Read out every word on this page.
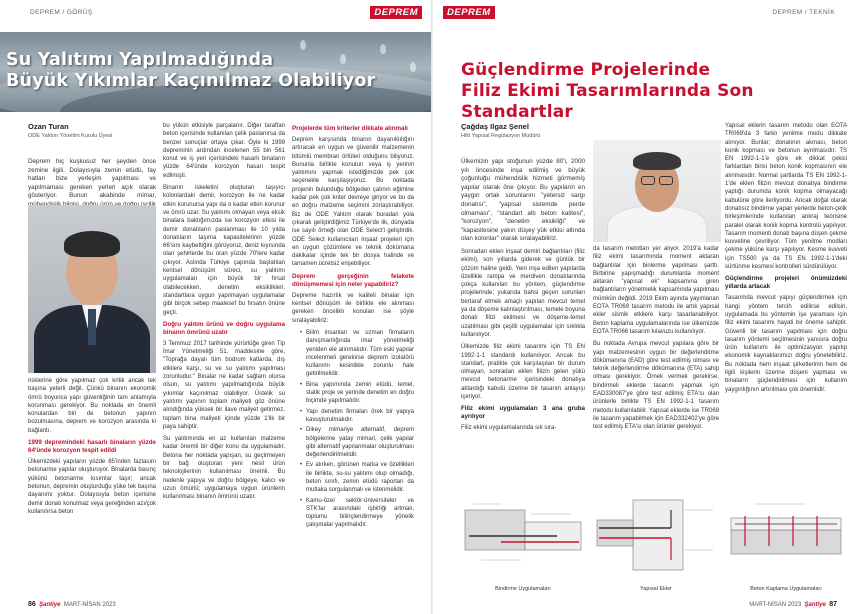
DEPREM / GÖRÜŞ	DEPREM
Su Yalıtımı Yapılmadığında
Büyük Yıkımlar Kaçınılmaz Olabiliyor
Ozan Turan
ODE Yalıtım Yönetim Kurulu Üyesi

Deprem hiç kuşkusuz her şeyden önce zemine ilgili. Dolayısıyla zemin etüdü, fay hatları bize yerleşim yapılması ve yapılmaması gereken yerleri açık olarak gösteriyor. Bunun akabinde mimar,

risklerine göre yapılmaz çok kritik ancak tek başına yeterli değil. Çünkü binanın ekonomik ömrü boyunca yapı güvenliğinin tam anlamıyla korunması gerekiyor. Bu noktada en önemli konulardan biri de betonun yapının bozulmasına, deprem ve korozyon arasında ki bağlantı.

1999 depremindeki hasarlı binaların yüzde 64'ünde korozyon tespit edildi

Ülkemizdeki yapıların yüzde 85'inden fazlasını betonarme yapılar oluşturuyor. Binalarda basınç yükünü betonarme kısımlar taşır; ancak betonun, depremin oluşturduğu yüke tek başına dayanımı yoktur. Dolayısıyla beton içerisine demir donatı konulmaz veya gereğinden azı/çok kullanılırsa beton

bu yükün etkisiyle parçalanır. Diğer taraftan beton içerisinde kullanılan çelik paslanırsa da benzer sonuçlar ortaya çıkar. Öyle ki 1999 depreminin ardından incelenen 55 bin 561 konut ve iş yeri içerisindeki hasarlı binaların yüzde 64'ünde korozyon hasarı tespit edilmişti.

Binanın iskeletini oluşturan taşıyıcı kolonlardaki demir, korozyon ile ne kadar etkin korunursa yapı da o kadar etkin korunur ve ömrü uzar. Su yalıtımı olmayan veya eksik binalara baktığımızda ise korozyon etkisi ile demir donatıların paslanması ile 10 yılda donatıların taşıma kapasitelerinin yüzde 66'sını kaybettiğini görüyoruz, deniz kıyısında olan şehirlerde bu oran yüzde 70'lere kadar çıkıyor. Aslında Türkiye çapında başlatılan kentsel dönüşüm süreci, su yalıtımı uygulamaları için büyük bir fırsat olabilecekken, denetim eksiklikleri, standartlara uygun yapılmayan uygulamalar gibi birçok sebep maalesef bu fırsatın önüne geçti.

Doğru yalıtım ürünü ve doğru uygulama binanın ömrünü uzatır

3 Temmuz 2017 tarihinde yürürlüğe giren Tip İmar Yönetmeliği 51. maddesine göre, "Toprağa dayalı tüm bodrum katlarda, dış etkilere karşı, su ve su yalıtımı yapılması zorunludur." Binalar ne kadar sağlam olursa olsun, su yalıtımı yapılmadığında büyük yıkımlar kaçınılmaz olabiliyor. Üstelik su yalıtımı yapının toplam maliyeti göz önüne alındığında yüksek bir ilave maliyet getirmez, toplam bina maliyeti içinde yüzde 1'lik bir paya sahiptir.

Su yalıtımında en az kullanılan malzeme kadar önemli bir diğer konu da uygulamadır. Betona her noktada yapışan, su geçirmeyen bir bağ oluşturan yeni nesil ürün teknolojilerinin kullanılması önemli. Bu nedenle yapıya ve doğru bölgeye, kalıcı ve uzun ömürlü; uygulamaya uygun ürünlerin kullanılması binanın ömrünü uzatır.

Projelerde tüm kriterler dikkate alınmalı

Deprem karşısında binanın dayanıklılığını artıracak en uygun ve güvenilir malzemenin bitümlü membran örtüleri olduğunu biliyoruz. Bununla birlikte konutun veya iş yerinin yalıtımını yapmak istediğimizde pek çok seçenekle karşılaşıyoruz. Bu noktada projenin bulunduğu bölgeden çatının eğimine kadar pek çok kriter devreye giriyor ve bu da en doğru malzeme seçimini zorlaştırabiliyor. Biz de ODE Yalıtım olarak buradan yola çıkarak geliştirdiğimiz Türkiye'de ilk, dünyada ise sayılı örneği olan ODE Select'i geliştirdik. ODE Select kullanıcıları inşaat projeleri için en uygun çözümlere ve teknik dokümana dakikalar içinde tek bir dosya halinde ve tamamen ücretsiz erişebiliyor.

Deprem gerçeğinin felakete dönüşmemesi için neler yapabiliriz?

Depreme hazırlık ve kaliteli binalar için kentsel dönüşüm ile birlikte ele alınması gereken önceliklı konuları ise şöyle sıralayabiliriz:

• Bilim insanları ve uzman firmaların danışmanlığında imar yönetmeliği yeniden ele alınmalıdır. Tüm eski yapılar incelenmeli gerekirse deprem izolatörü kullanımı kesinlikle zorunlu hale getirilmelidir.
• Bina yapımında zemin etüdü, temel, statik proje ve yerinde denetim en doğru biçimde yapılmalıdır.
• Yapı denetim firmaları örek bir yapıya kavuşturulmalıdır.
• Dikey mimariye alternatif, deprem bölgelerine yatay mimari, çelik yapılar gibi alternatif yapılanmalar oluşturulması değerlendirilmelidir.
• Ev alırken, görünen marka ve özellikleri ile birlikte, su-su yalıtımı olup olmadığı, beton sınıfı, zemin etüdü raporları da mutlaka sorgulanmalı ve istenmelidir.
• Kamu-özel sektör-üniversiteler ve STK'lar arasındaki işbirliği artmalı, toplumu bilinçlendirmeye yönelik çalışmalar yapılmalıdır.
86 Şantiye MART-NİSAN 2023
DEPREM	DEPREM / TEKNİK
Güçlendirme Projelerinde
Filiz Ekimi Tasarımlarında Son Standartlar
Çağdaş Ilgaz Şenel
Hilti Yapısal Regülasyon Müdürü

Ülkemizin yapı stoğunun yüzde 80'i, 2000 yılı öncesinde inşa edilmiş ve büyük çoğunluğu mühendislik hizmeti görmemiş yapılar olarak öne çıkıyor. Bu yapıların en yaygın ortak sorunlarını "yetersiz sargı donatısı", "yapısal sistemde perde olmaması", "standart altı beton kalitesi", "korozyon", "denetim eksikliği" ve "kapasitesine yakın düşey yük etkisi altında olan kolonlar" olarak sıralayabiliriz.

Sonradan eklen inşaat demiri bağlantıları (filiz ekimi), son yıllarda giderek ve günlük bir çözüm haline geldi. Yeni inşa edilen yapılarda özellikle rampa ve merdiven donatılarında çokça kullanılan bu yöntem, güçlendirme projelerinde; yukarıda bahsi geçen sorunları bertaraf etmek amaçlı yapılan mevcut temel ya da döşeme kalınlaştırılması, temele boyuna donatı filizi ekilmesi ve döşeme-temel uzatılması gibi çeşitli uygulamalar için sıklıkla kullanılıyor.

Ülkemizde filiz ekimi tasarımı için TS EN 1992-1-1 standardı kullanılıyor. Ancak bu standart, pratikte çok karşılaşılan bir durum olmayan, sonradan eklen filizin gelen yükü mevcut betonarme içerisindeki donatıya aktardığı kabulü üzerine bir tasarım anlayışı içeriyor.

Filiz ekimi uygulamaları 3 ana gruba ayrılıyor

Filiz ekimi uygulamalarında sık sıra-

da tasarım metotları yer alıyor. 2019'a kadar filiz ekimi tasarımında moment aktaran bağlantılar için binlerme yapılması şarttı. Birbirine yapışmadığı durumlarda moment aktaran "yapısal ek" kapsamına giren bağlantıların yönetmelik kapsamında yapılması mümkün değildi. 2019 Ekim ayında yayınlanan EOTA TR069 tasarım metodu ile artık yapısal ekler sismik etkilere karşı tasarlanabiliyor. Beton kaplama uygulamalarında ise ülkemizde EOTA TR066 tasarım kılavuzu kullanılıyor.

Bu noktada Avrupa mevcut yapılara göre bir yapı malzemesinin uygun bir değerlendirme dökümanına (EAD) göre test edilmiş olması ve teknik değerlendirme dökümanına (ETA) sahip olması gerekiyor. Örnek vermek gerekirse, bindirmeli eklerde tasarım yapmak için EAD330087'ye göre test edilmiş ETA'sı olan ürünlerle birlikte TS EN 1992-1-1 tasarım metodu kullanılabilir. Yapısal eklerde ise TR069 ile tasarım yapabilmek için EAD332402'ye göre test edilmiş ETA'sı olan ürünler gerekiyor.

Yapısal eklerin tasarım metodu olan EOTA TR069'da 3 farklı yenilme modu dikkate alınıyor. Bunlar; donatının akması, beton konik kopması ve betonun ayrılmasıdır. TS EN 1992-1-1'e göre ek dikkat çekici farklardan birisi beton konik kopmasının ele alınmasıdır. Normal şartlarda TS EN 1992-1-1'de eklen filizin mevcut donatıya bindirme yaptığı durumda konik kopma olmayacağı kabulüne göre ilerliyordu. Ancak doğal olarak donatısız bindirme yapan yerlerde beton-çelik birleşimlerinde kullanılan ankraj teorisine paralel olarak konik kopma kontrolü yapılıyor. Tasarım momenti donatı başına düşen çekme kuvvetine çevriliyor. Tüm yenilme modları çekme yüküne karşı yapılıyor. Kesme kuvveti için TS500 ya da TS EN 1992-1-1'deki sürtünme kesmesi kontrolleri sürdürülüyor.

Güçlendirme projeleri önümüzdeki yıllarda artacak

Tasarımda mevcut yapıyı güçlendirmek için hangi yöntem tercih edilirse edilsin, uygulamada bu yöntemin işe yaraması için filiz ekimi tasarımı hayati bir öneme sahiptir. Güvenli bir tasarım yapılması için doğru tasarım yöntemi seçilmesinin yanısıra doğru ürün kullanımı ile optimizasyon yapılıp ekonomik kaynaklarımızı doğru yönetebiliriz. Bu noktada hem inşaat şirketlerinin hem de ilgili kişilerin üzerine düşeni yapması ve binaların güçlendirilmesi için kullanım yaygınlığının artırılması çok önemlidir.

Bindirme Uygulamaları	Yapısal Ekler	Beton Kaplama Uygulamaları
MART-NİSAN 2023 Şantiye 87
